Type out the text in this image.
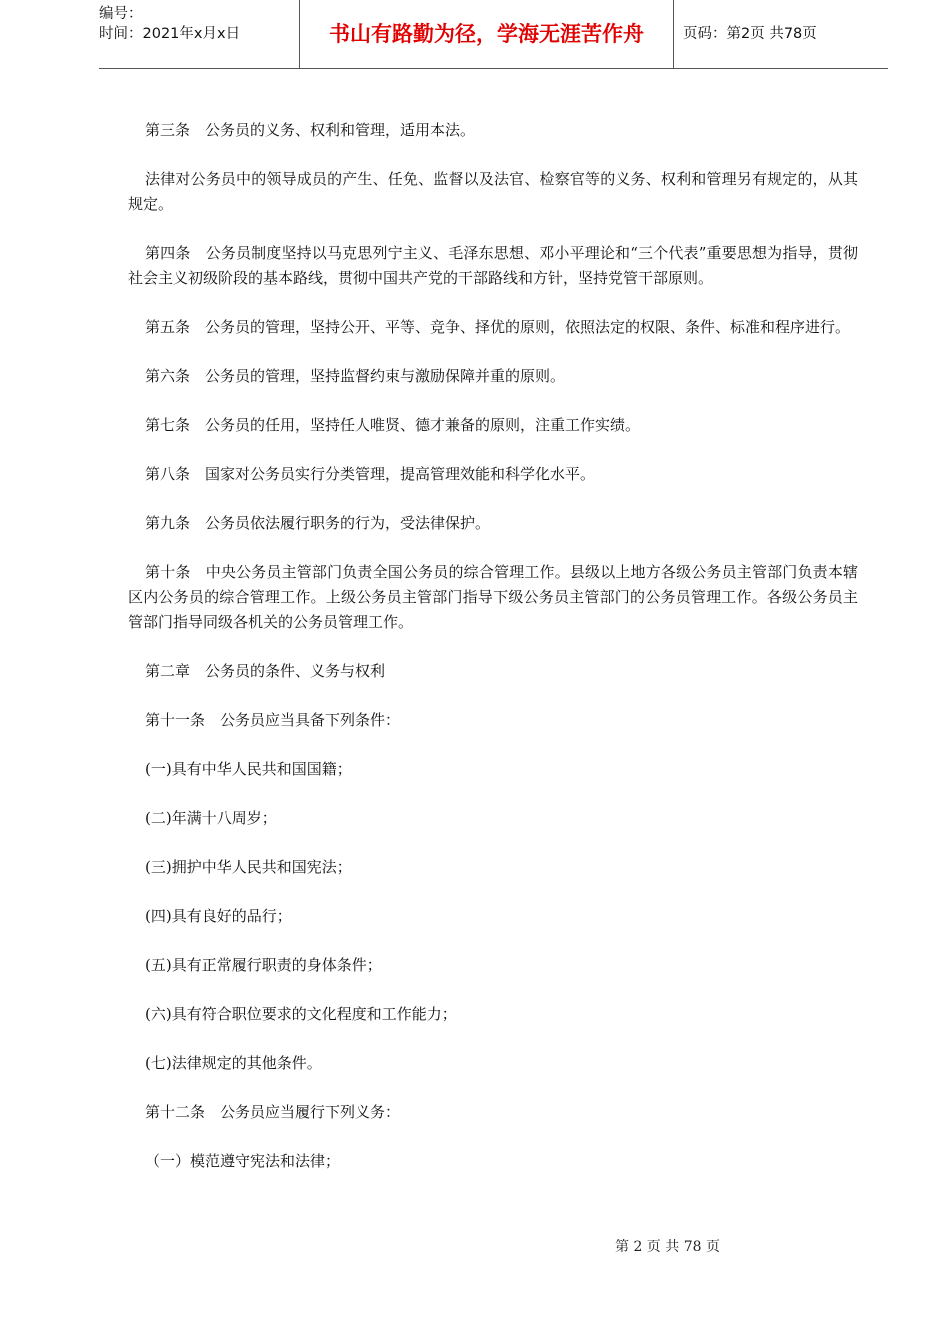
编号：
时间：2021年x月x日	书山有路勤为径，学海无涯苦作舟	页码：第2页 共78页

第三条　公务员的义务、权利和管理，适用本法。

法律对公务员中的领导成员的产生、任免、监督以及法官、检察官等的义务、权利和管理另有规定的，从其规定。

第四条　公务员制度坚持以马克思列宁主义、毛泽东思想、邓小平理论和“三个代表”重要思想为指导，贯彻社会主义初级阶段的基本路线，贯彻中国共产党的干部路线和方针，坚持党管干部原则。

第五条　公务员的管理，坚持公开、平等、竞争、择优的原则，依照法定的权限、条件、标准和程序进行。

第六条　公务员的管理，坚持监督约束与激励保障并重的原则。

第七条　公务员的任用，坚持任人唯贤、德才兼备的原则，注重工作实绩。

第八条　国家对公务员实行分类管理，提高管理效能和科学化水平。

第九条　公务员依法履行职务的行为，受法律保护。

第十条　中央公务员主管部门负责全国公务员的综合管理工作。县级以上地方各级公务员主管部门负责本辖区内公务员的综合管理工作。上级公务员主管部门指导下级公务员主管部门的公务员管理工作。各级公务员主管部门指导同级各机关的公务员管理工作。

第二章　公务员的条件、义务与权利

第十一条　公务员应当具备下列条件：

(一)具有中华人民共和国国籍；

(二)年满十八周岁；

(三)拥护中华人民共和国宪法；

(四)具有良好的品行；

(五)具有正常履行职责的身体条件；

(六)具有符合职位要求的文化程度和工作能力；

(七)法律规定的其他条件。

第十二条　公务员应当履行下列义务：

（一）模范遵守宪法和法律；

第 2 页 共 78 页
